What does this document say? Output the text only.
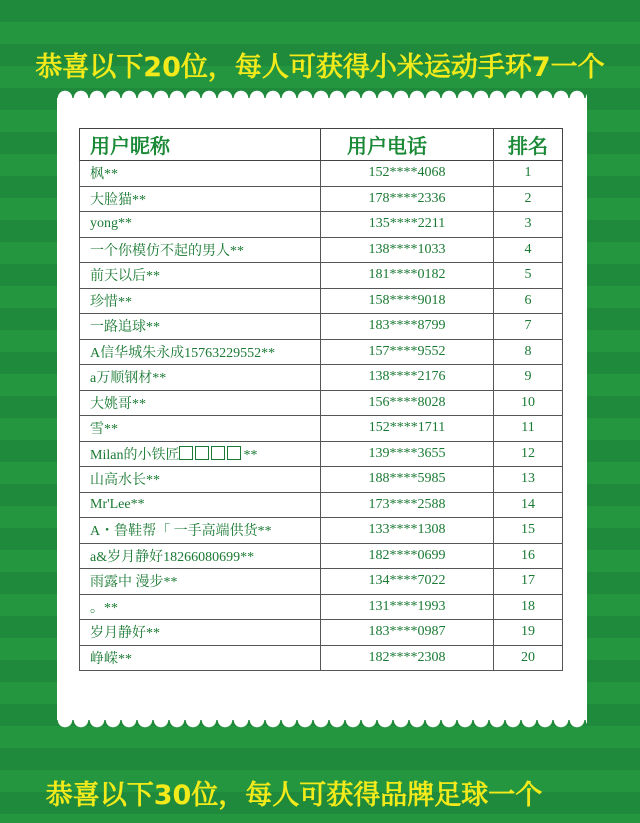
恭喜以下20位，每人可获得小米运动手环7一个
用户昵称	用户电话	排名
枫**	152****4068	1
大脸猫**	178****2336	2
yong**	135****2211	3
一个你模仿不起的男人**	138****1033	4
前天以后**	181****0182	5
珍惜**	158****9018	6
一路追球**	183****8799	7
A信华城朱永成15763229552**	157****9552	8
a万顺钢材**	138****2176	9
大姚哥**	156****8028	10
雪**	152****1711	11
Milan的小铁匠 **	139****3655	12
山高水长**	188****5985	13
Mr'Lee**	173****2588	14
A・鲁鞋帮「 一手高端供货**	133****1308	15
a&岁月静好18266080699**	182****0699	16
雨露中 漫步**	134****7022	17
。**	131****1993	18
岁月静好**	183****0987	19
峥嵘**	182****2308	20
恭喜以下30位，每人可获得品牌足球一个
